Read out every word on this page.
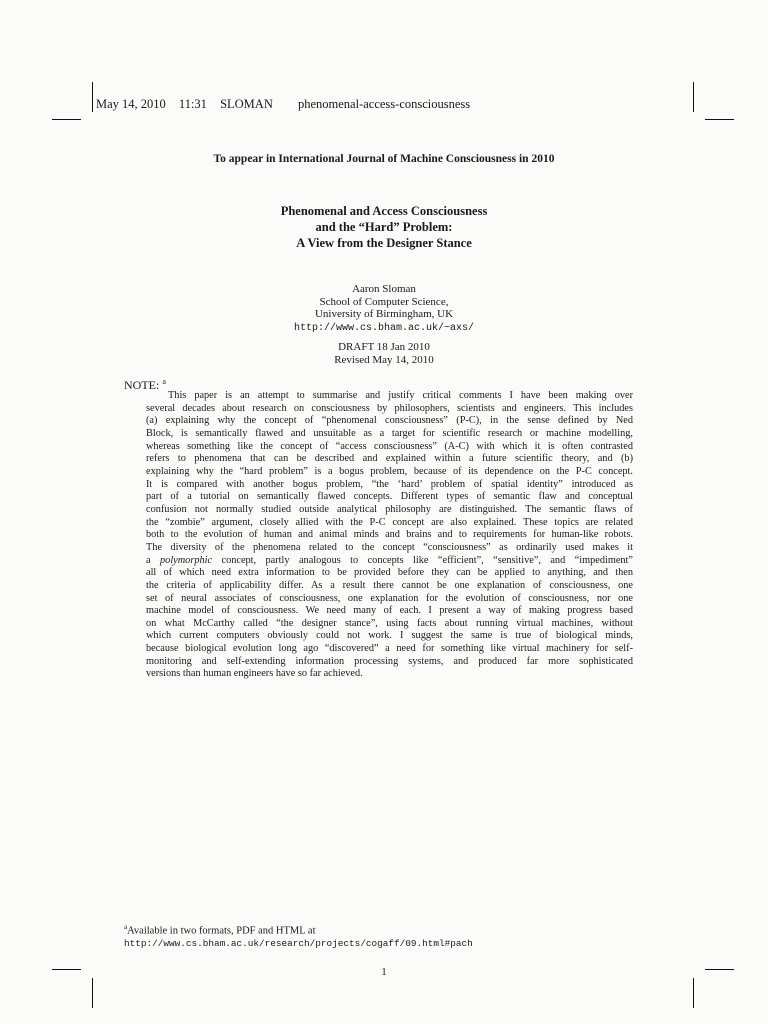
May 14, 2010 11:31 SLOMAN phenomenal-access-consciousness
To appear in International Journal of Machine Consciousness in 2010
Phenomenal and Access Consciousness
and the “Hard” Problem:
A View from the Designer Stance
Aaron Sloman
School of Computer Science,
University of Birmingham, UK
http://www.cs.bham.ac.uk/~axs/
DRAFT 18 Jan 2010
Revised May 14, 2010
NOTE: $^a$
This paper is an attempt to summarise and justify critical comments I have been making over
several decades about research on consciousness by philosophers, scientists and engineers. This includes
(a) explaining why the concept of “phenomenal consciousness” (P-C), in the sense defined by Ned
Block, is semantically flawed and unsuitable as a target for scientific research or machine modelling,
whereas something like the concept of “access consciousness” (A-C) with which it is often contrasted
refers to phenomena that can be described and explained within a future scientific theory, and (b)
explaining why the “hard problem” is a bogus problem, because of its dependence on the P-C concept.
It is compared with another bogus problem, “the ‘hard’ problem of spatial identity” introduced as
part of a tutorial on semantically flawed concepts. Different types of semantic flaw and conceptual
confusion not normally studied outside analytical philosophy are distinguished. The semantic flaws of
the “zombie” argument, closely allied with the P-C concept are also explained. These topics are related
both to the evolution of human and animal minds and brains and to requirements for human-like robots.
The diversity of the phenomena related to the concept “consciousness” as ordinarily used makes it
a polymorphic concept, partly analogous to concepts like “efficient”, “sensitive”, and “impediment”
all of which need extra information to be provided before they can be applied to anything, and then
the criteria of applicability differ. As a result there cannot be one explanation of consciousness, one
set of neural associates of consciousness, one explanation for the evolution of consciousness, nor one
machine model of consciousness. We need many of each. I present a way of making progress based
on what McCarthy called “the designer stance”, using facts about running virtual machines, without
which current computers obviously could not work. I suggest the same is true of biological minds,
because biological evolution long ago “discovered” a need for something like virtual machinery for self-
monitoring and self-extending information processing systems, and produced far more sophisticated
versions than human engineers have so far achieved.
$^a$Available in two formats, PDF and HTML at
http://www.cs.bham.ac.uk/research/projects/cogaff/09.html#pach
1
